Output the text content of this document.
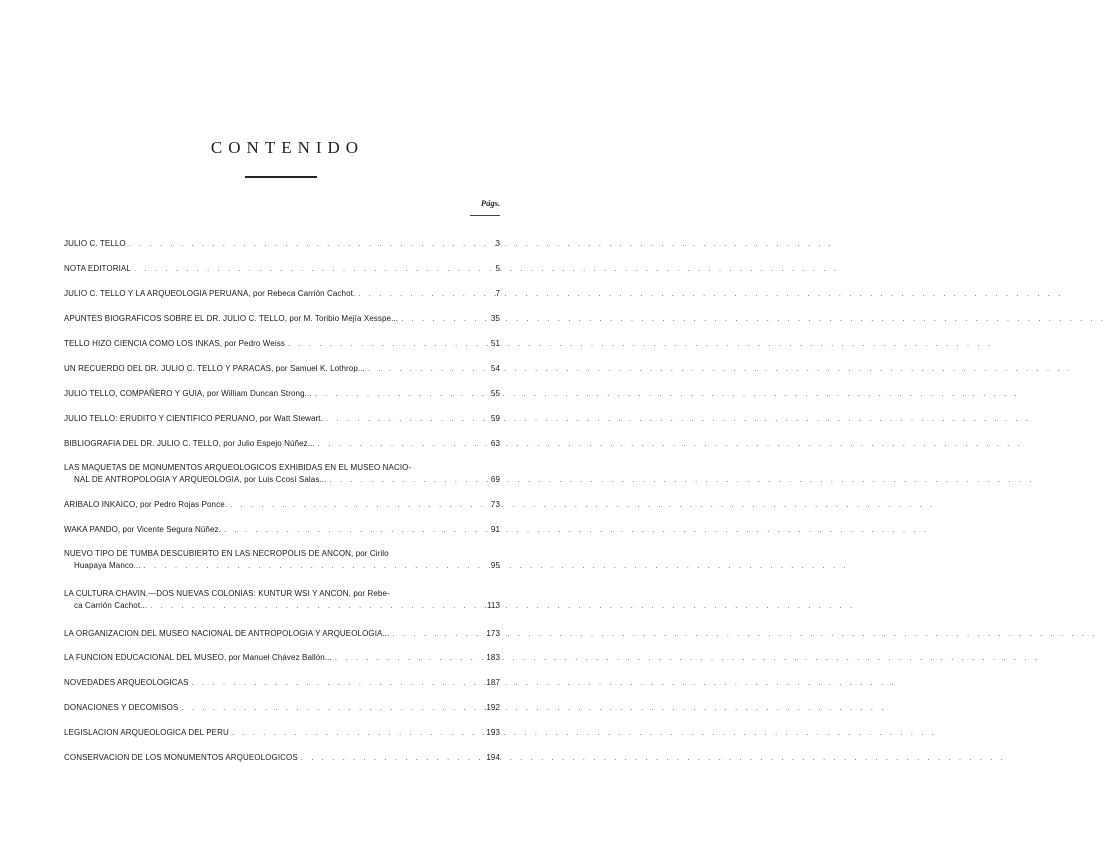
CONTENIDO
Págs.
JULIO C. TELLO . . .	3
NOTA EDITORIAL . . .	5
JULIO C. TELLO Y LA ARQUEOLOGIA PERUANA, por Rebeca Carrión Cachot. . . .	7
APUNTES BIOGRAFICOS SOBRE EL DR. JULIO C. TELLO, por M. Toribio Mejía Xesspe... . . .	35
TELLO HIZO CIENCIA COMO LOS INKAS, por Pedro Weiss . . .	51
UN RECUERDO DEL DR. JULIO C. TELLO Y PARACAS, por Samuel K. Lothrop... . . .	54
JULIO TELLO, COMPAÑERO Y GUIA, por William Duncan Strong... . . .	55
JULIO TELLO: ERUDITO Y CIENTIFICO PERUANO, por Watt Stewart. . . .	59
BIBLIOGRAFIA DEL DR. JULIO C. TELLO, por Julio Espejo Núñez... . . .	63
LAS MAQUETAS DE MONUMENTOS ARQUEOLOGICOS EXHIBIDAS EN EL MUSEO NACIO-
NAL DE ANTROPOLOGIA Y ARQUEOLOGIA, por Luis Ccosí Salas... . . .	69
ARIBALO INKAICO, por Pedro Rojas Ponce. . . .	73
WAKA PANDO, por Vicente Segura Núñez. . . .	91
NUEVO TIPO DE TUMBA DESCUBIERTO EN LAS NECROPOLIS DE ANCON, por Cirilo
Huapaya Manco... . . .	95
LA CULTURA CHAVIN.—DOS NUEVAS COLONIAS: KUNTUR WSI Y ANCON, por Rebe-
ca Carrión Cachot... . . .	113
LA ORGANIZACION DEL MUSEO NACIONAL DE ANTROPOLOGIA Y ARQUEOLOGIA... . . .	173
LA FUNCION EDUCACIONAL DEL MUSEO, por Manuel Chávez Ballón... . . .	183
NOVEDADES ARQUEOLOGICAS . . .	187
DONACIONES Y DECOMISOS . . .	192
LEGISLACION ARQUEOLOGICA DEL PERU . . .	193
CONSERVACION DE LOS MONUMENTOS ARQUEOLOGICOS . . .	194
